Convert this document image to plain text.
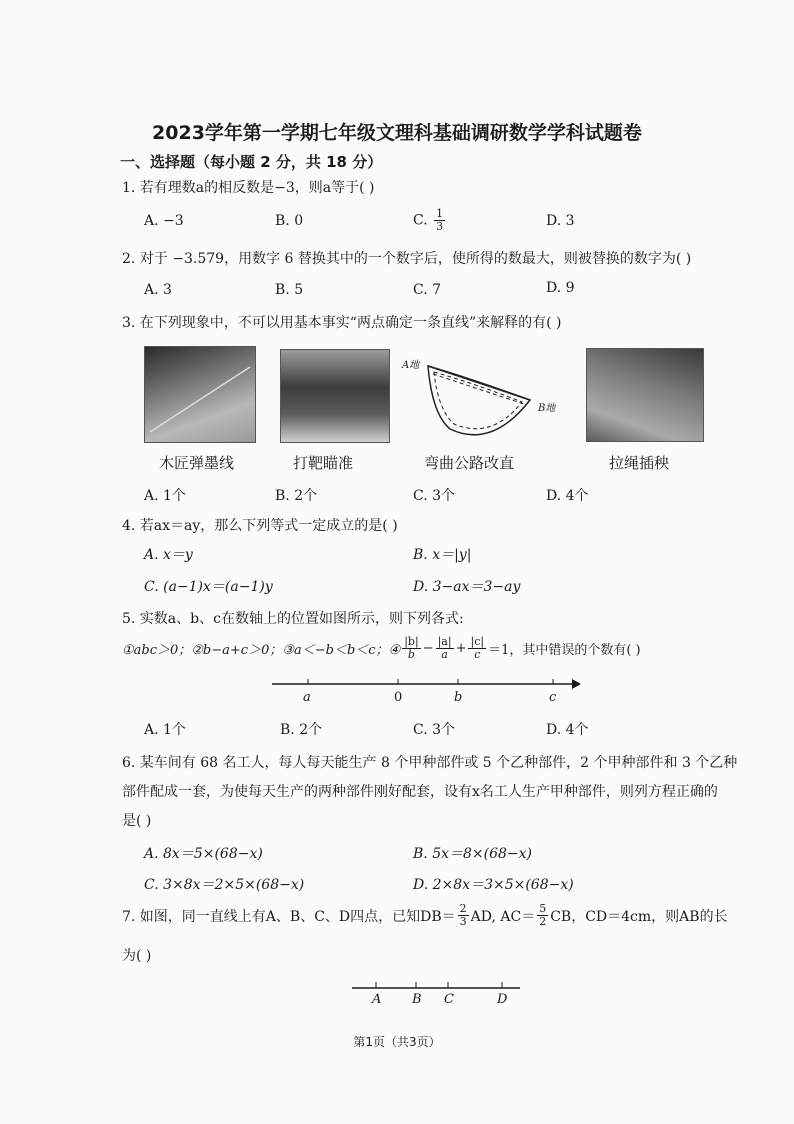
2023学年第一学期七年级文理科基础调研数学学科试题卷
一、选择题（每小题 2 分，共 18 分）
1. 若有理数a的相反数是−3，则a等于( )
A. −3	B. 0	C. $\frac{1}{3}$	D. 3
2. 对于 −3.579，用数字 6 替换其中的一个数字后，使所得的数最大，则被替换的数字为( )
A. 3	B. 5	C. 7	D. 9
3. 在下列现象中，不可以用基本事实“两点确定一条直线”来解释的有( )
A地
B地
木匠弹墨线	打靶瞄准	弯曲公路改直	拉绳插秧
A. 1个	B. 2个	C. 3个	D. 4个
4. 若ax＝ay，那么下列等式一定成立的是( )
A. x＝y	B. x＝|y|
C. (a−1)x＝(a−1)y	D. 3−ax＝3−ay
5. 实数a、b、c在数轴上的位置如图所示，则下列各式:
①abc＞0；②b−a+c＞0；③a＜−b＜b＜c；④ $\frac{|b|}{b} - \frac{|a|}{a} + \frac{|c|}{c} =1$，其中错误的个数有( )
a	0	b	c
A. 1个	B. 2个	C. 3个	D. 4个
6. 某车间有 68 名工人，每人每天能生产 8 个甲种部件或 5 个乙种部件，2 个甲种部件和 3 个乙种
部件配成一套，为使每天生产的两种部件刚好配套，设有x名工人生产甲种部件，则列方程正确的
是( )
A. 8x＝5×(68−x)	B. 5x＝8×(68−x)
C. 3×8x＝2×5×(68−x)	D. 2×8x＝3×5×(68−x)
7. 如图，同一直线上有A、B、C、D四点，已知$DB= \frac{2}{3}$ AD, $AC= \frac{5}{2}$ CB，CD＝4cm，则AB的长
为( )
A B C	D
第1页（共3页）
